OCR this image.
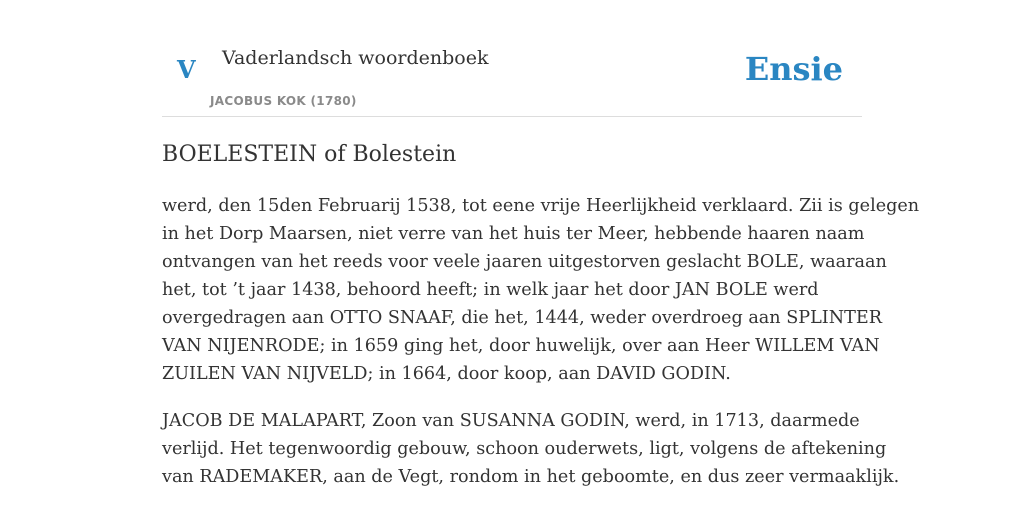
V Vaderlandsch woordenboek
JACOBUS KOK (1780)
Ensie
BOELESTEIN of Bolestein

werd, den 15den Februarij 1538, tot eene vrije Heerlijkheid verklaard. Zii is gelegen
in het Dorp Maarsen, niet verre van het huis ter Meer, hebbende haaren naam
ontvangen van het reeds voor veele jaaren uitgestorven geslacht BOLE, waaraan
het, tot ’t jaar 1438, behoord heeft; in welk jaar het door JAN BOLE werd
overgedragen aan OTTO SNAAF, die het, 1444, weder overdroeg aan SPLINTER
VAN NIJENRODE; in 1659 ging het, door huwelijk, over aan Heer WILLEM VAN
ZUILEN VAN NIJVELD; in 1664, door koop, aan DAVID GODIN.

JACOB DE MALAPART, Zoon van SUSANNA GODIN, werd, in 1713, daarmede
verlijd. Het tegenwoordig gebouw, schoon ouderwets, ligt, volgens de aftekening
van RADEMAKER, aan de Vegt, rondom in het geboomte, en dus zeer vermaaklijk.
